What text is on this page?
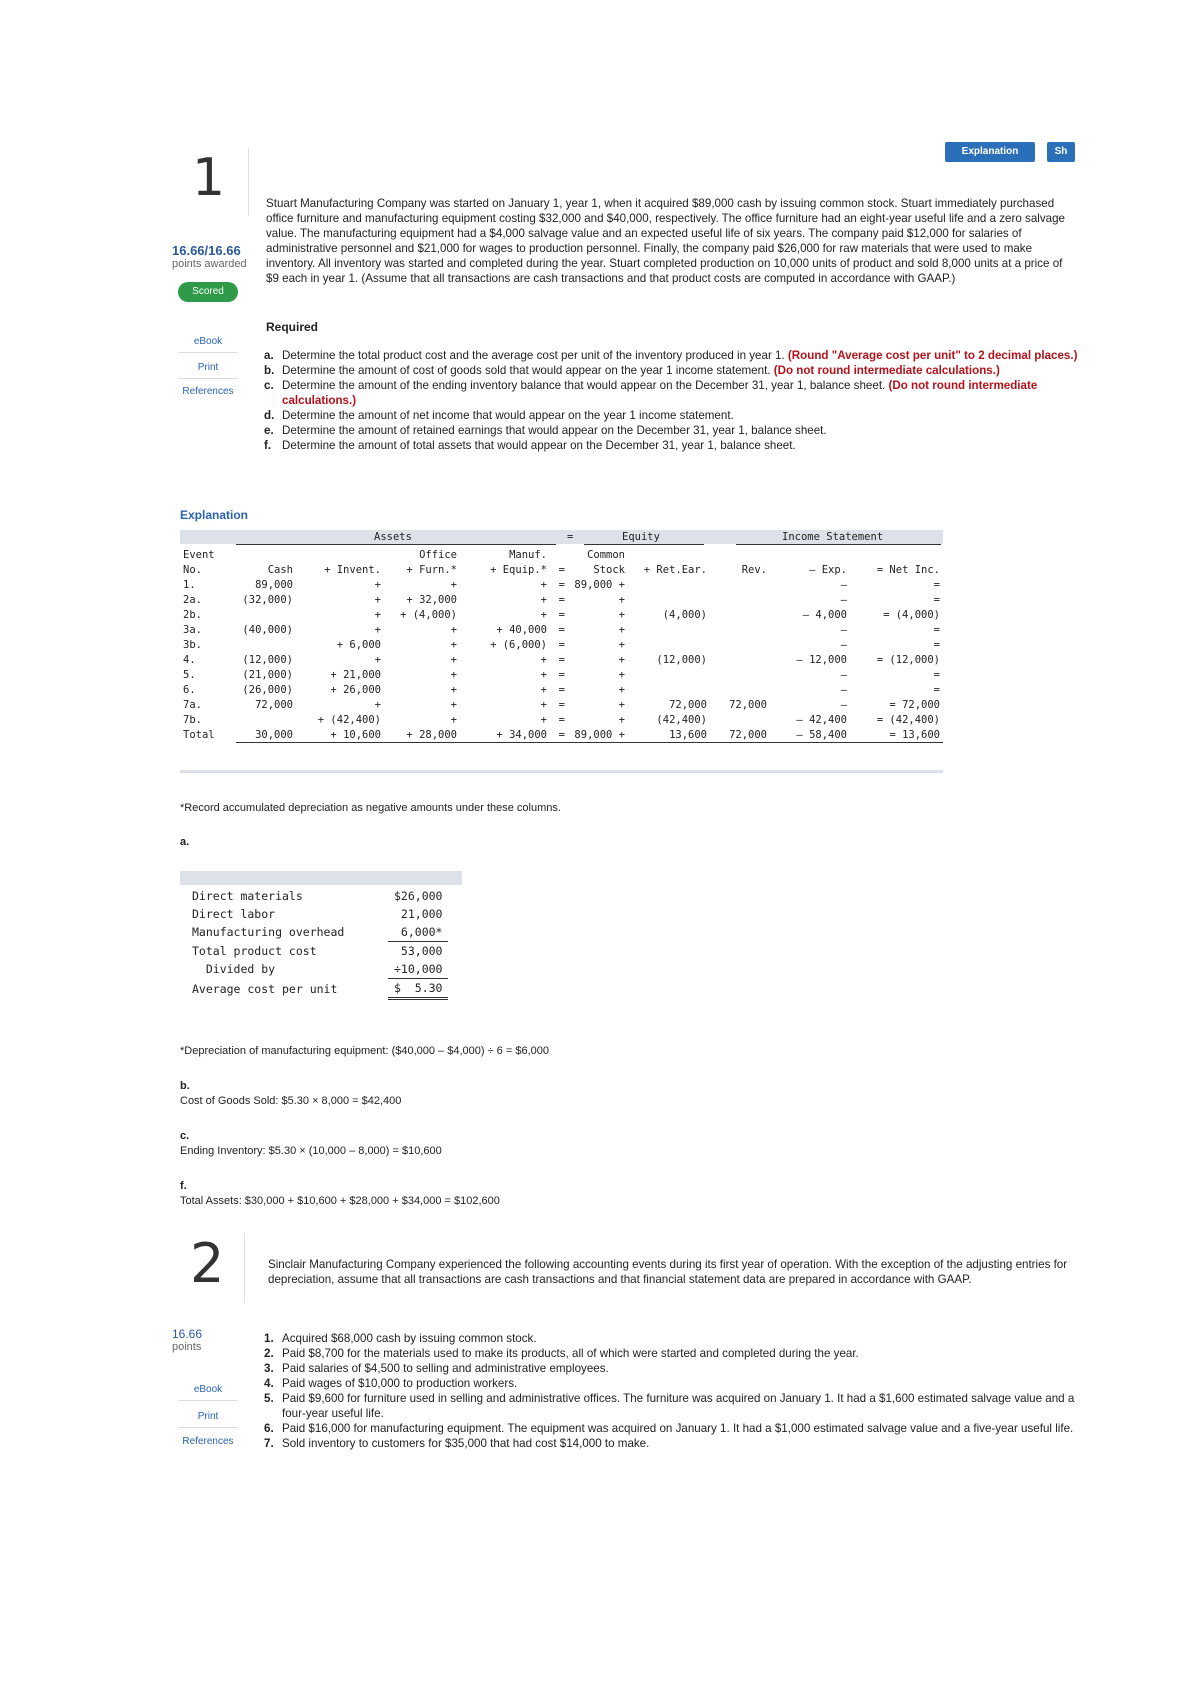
Explanation	Sh
1
16.66/16.66
points awarded
Scored
eBook
Print
References
Stuart Manufacturing Company was started on January 1, year 1, when it acquired $89,000 cash by issuing common stock. Stuart immediately purchased office furniture and manufacturing equipment costing $32,000 and $40,000, respectively. The office furniture had an eight-year useful life and a zero salvage value. The manufacturing equipment had a $4,000 salvage value and an expected useful life of six years. The company paid $12,000 for salaries of administrative personnel and $21,000 for wages to production personnel. Finally, the company paid $26,000 for raw materials that were used to make inventory. All inventory was started and completed during the year. Stuart completed production on 10,000 units of product and sold 8,000 units at a price of $9 each in year 1. (Assume that all transactions are cash transactions and that product costs are computed in accordance with GAAP.)
Required
a. Determine the total product cost and the average cost per unit of the inventory produced in year 1. (Round "Average cost per unit" to 2 decimal places.)
b. Determine the amount of cost of goods sold that would appear on the year 1 income statement. (Do not round intermediate calculations.)
c. Determine the amount of the ending inventory balance that would appear on the December 31, year 1, balance sheet. (Do not round intermediate calculations.)
d. Determine the amount of net income that would appear on the year 1 income statement.
e. Determine the amount of retained earnings that would appear on the December 31, year 1, balance sheet.
f. Determine the amount of total assets that would appear on the December 31, year 1, balance sheet.
Explanation
Assets	=	Equity	Income Statement
Event			Office	Manuf.		Common				
No.	Cash	+ Invent.	+ Furn.*	+ Equip.*	=	Stock	+ Ret.Ear.	Rev.	– Exp.	= Net Inc.
1.	89,000	+	+	+	=	89,000 +			–	=
2a.	(32,000)	+	+ 32,000	+	=	+			–	=
2b.		+	+ (4,000)	+	=	+	(4,000)		– 4,000	= (4,000)
3a.	(40,000)	+	+	+ 40,000	=	+			–	=
3b.		+ 6,000	+	+ (6,000)	=	+			–	=
4.	(12,000)	+	+	+	=	+	(12,000)		– 12,000	= (12,000)
5.	(21,000)	+ 21,000	+	+	=	+			–	=
6.	(26,000)	+ 26,000	+	+	=	+			–	=
7a.	72,000	+	+	+	=	+	72,000	72,000	–	= 72,000
7b.		+ (42,400)	+	+	=	+	(42,400)		– 42,400	= (42,400)
Total	30,000	+ 10,600	+ 28,000	+ 34,000	=	89,000 +	13,600	72,000	– 58,400	= 13,600
*Record accumulated depreciation as negative amounts under these columns.
a.
Direct materials	$26,000
Direct labor	21,000
Manufacturing overhead	6,000*
Total product cost	53,000
Divided by	÷10,000
Average cost per unit	$  5.30
*Depreciation of manufacturing equipment: ($40,000 – $4,000) ÷ 6 = $6,000
b.
Cost of Goods Sold: $5.30 × 8,000 = $42,400
c.
Ending Inventory: $5.30 × (10,000 – 8,000) = $10,600
f.
Total Assets: $30,000 + $10,600 + $28,000 + $34,000 = $102,600
2
16.66
points
eBook
Print
References
Sinclair Manufacturing Company experienced the following accounting events during its first year of operation. With the exception of the adjusting entries for depreciation, assume that all transactions are cash transactions and that financial statement data are prepared in accordance with GAAP.
1. Acquired $68,000 cash by issuing common stock.
2. Paid $8,700 for the materials used to make its products, all of which were started and completed during the year.
3. Paid salaries of $4,500 to selling and administrative employees.
4. Paid wages of $10,000 to production workers.
5. Paid $9,600 for furniture used in selling and administrative offices. The furniture was acquired on January 1. It had a $1,600 estimated salvage value and a four-year useful life.
6. Paid $16,000 for manufacturing equipment. The equipment was acquired on January 1. It had a $1,000 estimated salvage value and a five-year useful life.
7. Sold inventory to customers for $35,000 that had cost $14,000 to make.
